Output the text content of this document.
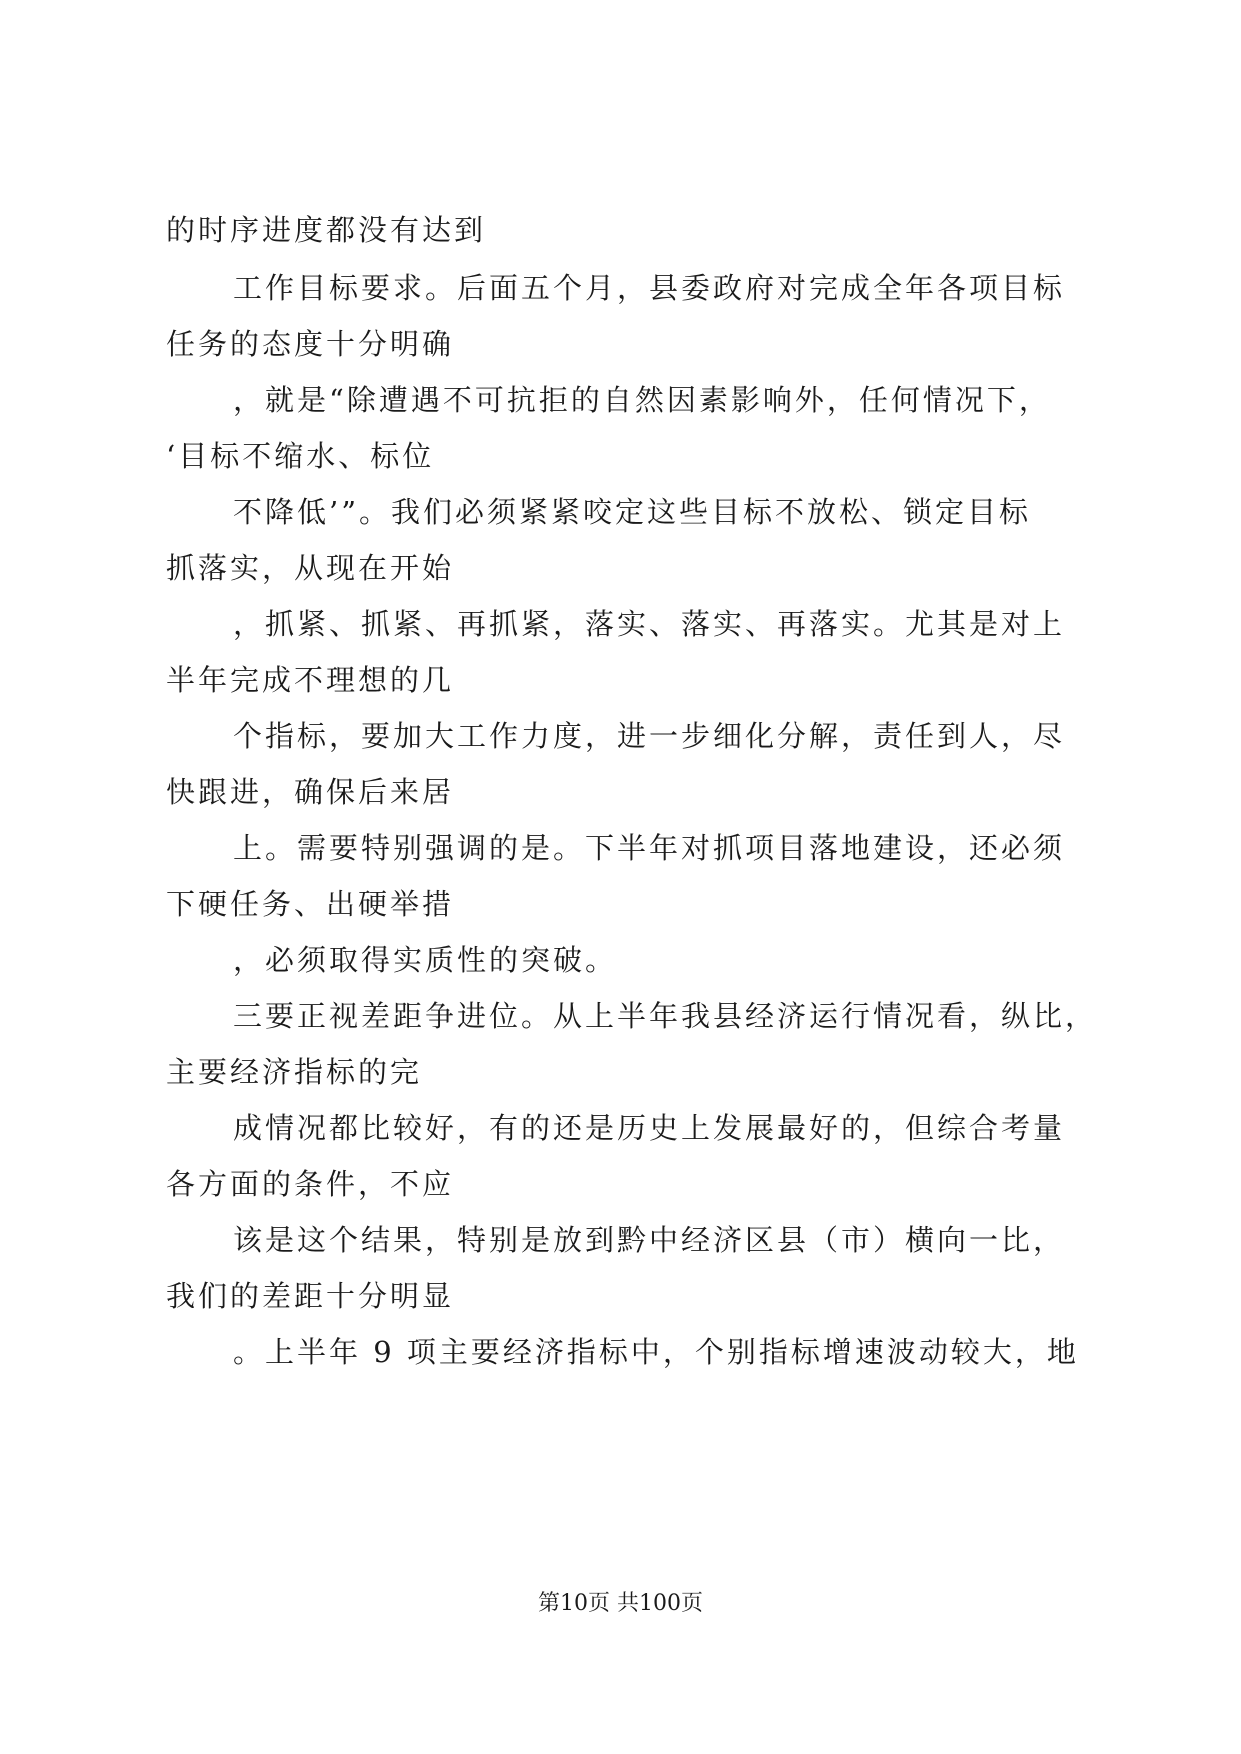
的时序进度都没有达到
工作目标要求。后面五个月，县委政府对完成全年各项目标
任务的态度十分明确
，就是“除遭遇不可抗拒的自然因素影响外，任何情况下，
‘目标不缩水、标位
不降低’”。我们必须紧紧咬定这些目标不放松、锁定目标
抓落实，从现在开始
，抓紧、抓紧、再抓紧，落实、落实、再落实。尤其是对上
半年完成不理想的几
个指标，要加大工作力度，进一步细化分解，责任到人，尽
快跟进，确保后来居
上。需要特别强调的是。下半年对抓项目落地建设，还必须
下硬任务、出硬举措
，必须取得实质性的突破。
三要正视差距争进位。从上半年我县经济运行情况看，纵比，
主要经济指标的完
成情况都比较好，有的还是历史上发展最好的，但综合考量
各方面的条件，不应
该是这个结果，特别是放到黔中经济区县（市）横向一比，
我们的差距十分明显
。上半年 9 项主要经济指标中，个别指标增速波动较大，地
第10页 共100页
